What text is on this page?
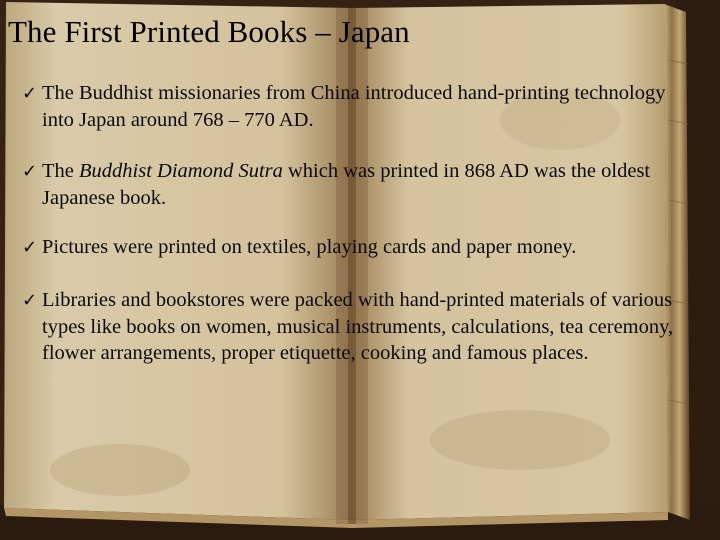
The First Printed Books – Japan
✓ The Buddhist missionaries from China introduced hand-printing technology into Japan around 768 – 770 AD.
✓ The Buddhist Diamond Sutra which was printed in 868 AD was the oldest Japanese book.
✓ Pictures were printed on textiles, playing cards and paper money.
✓ Libraries and bookstores were packed with hand-printed materials of various types like books on women, musical instruments, calculations, tea ceremony, flower arrangements, proper etiquette, cooking and famous places.
